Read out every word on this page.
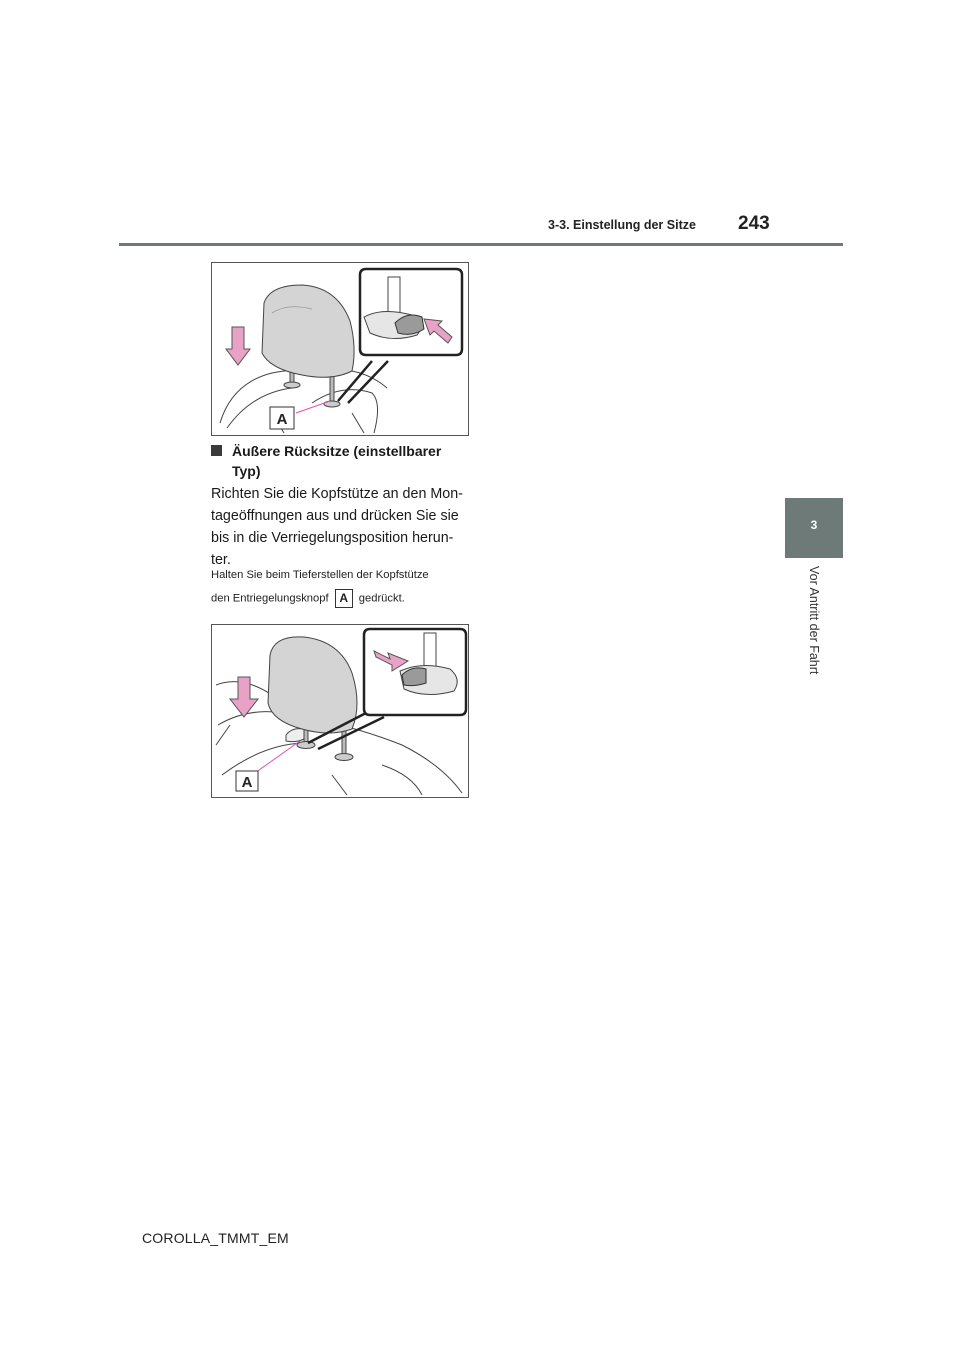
3-3. Einstellung der Sitze 243
3
Vor Antritt der Fahrt
A
Äußere Rücksitze (einstellbarer Typ)
Richten Sie die Kopfstütze an den Mon-tageöffnungen aus und drücken Sie sie bis in die Verriegelungsposition herun-ter.
Halten Sie beim Tieferstellen der Kopfstütze
den Entriegelungsknopf A gedrückt.
A
COROLLA_TMMT_EM
